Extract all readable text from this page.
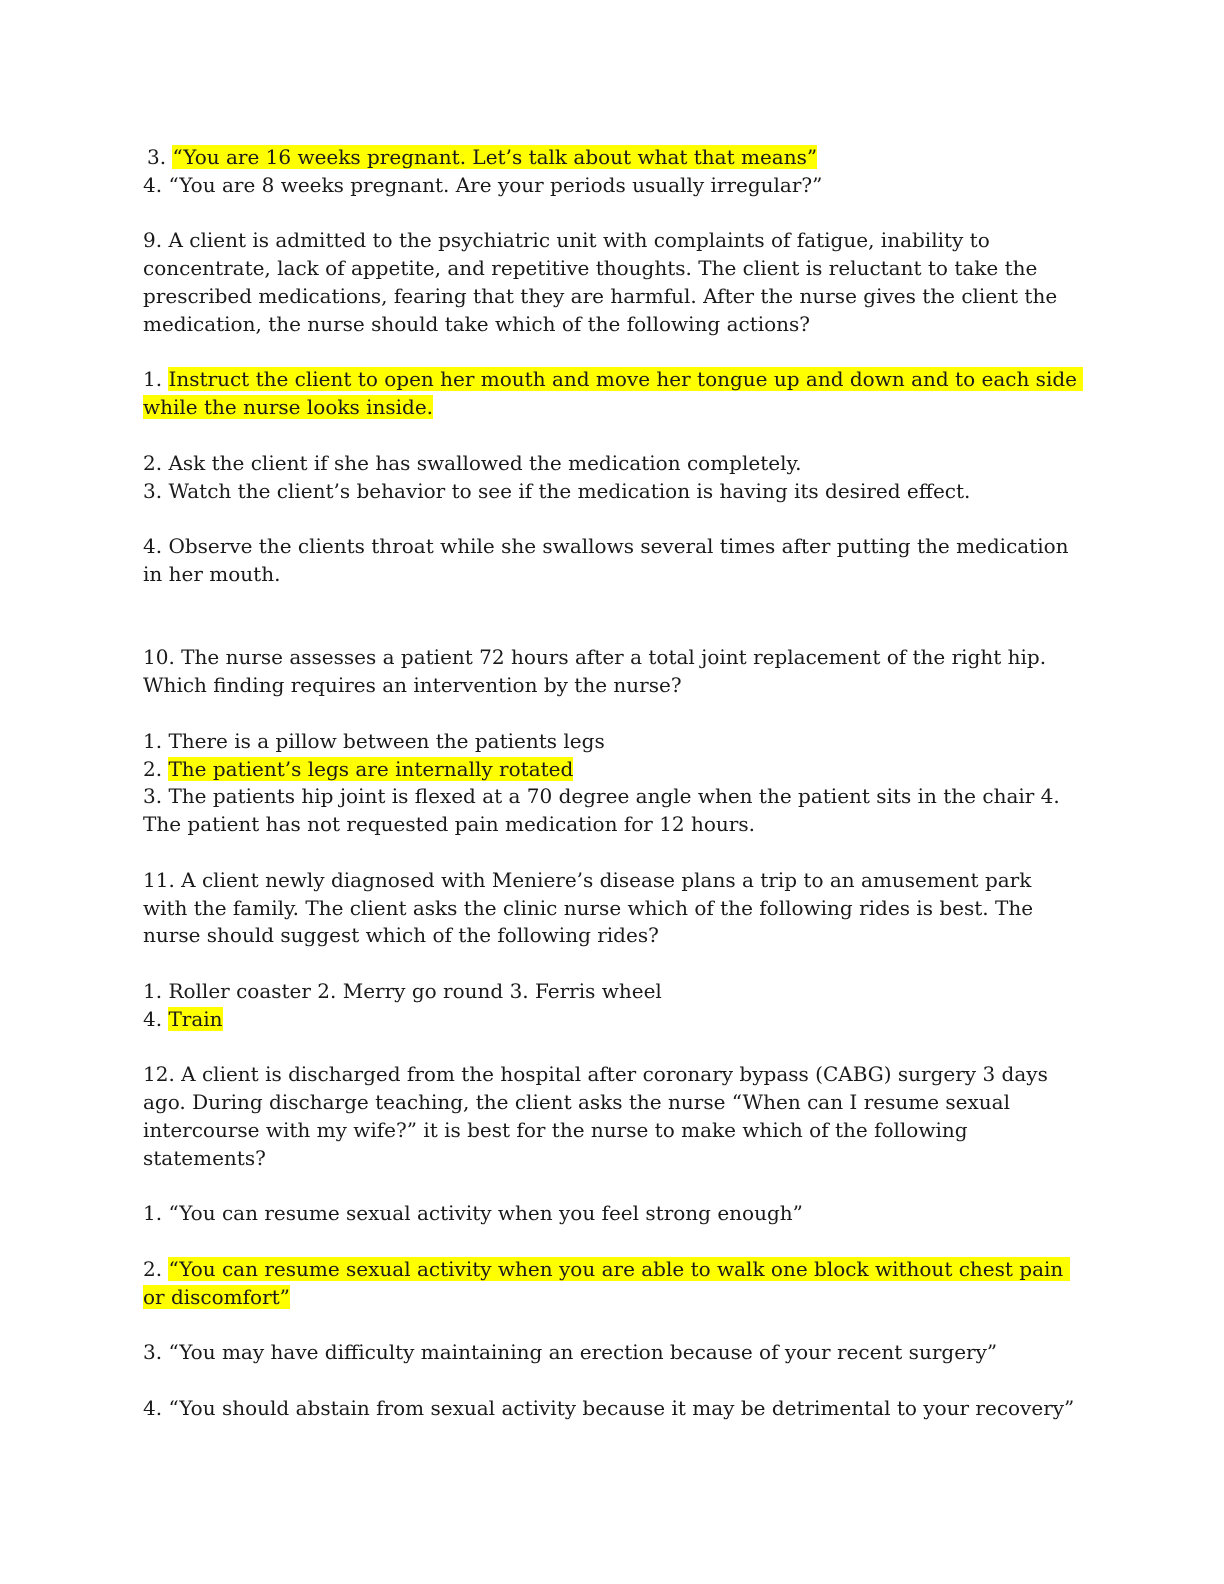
3. “You are 16 weeks pregnant. Let’s talk about what that means”
4. “You are 8 weeks pregnant. Are your periods usually irregular?”
9. A client is admitted to the psychiatric unit with complaints of fatigue, inability to
concentrate, lack of appetite, and repetitive thoughts. The client is reluctant to take the
prescribed medications, fearing that they are harmful. After the nurse gives the client the
medication, the nurse should take which of the following actions?
1. Instruct the client to open her mouth and move her tongue up and down and to each side
while the nurse looks inside.
2. Ask the client if she has swallowed the medication completely.
3. Watch the client’s behavior to see if the medication is having its desired effect.
4. Observe the clients throat while she swallows several times after putting the medication
in her mouth.
10. The nurse assesses a patient 72 hours after a total joint replacement of the right hip.
Which finding requires an intervention by the nurse?
1. There is a pillow between the patients legs
2. The patient’s legs are internally rotated
3. The patients hip joint is flexed at a 70 degree angle when the patient sits in the chair 4.
The patient has not requested pain medication for 12 hours.
11. A client newly diagnosed with Meniere’s disease plans a trip to an amusement park
with the family. The client asks the clinic nurse which of the following rides is best. The
nurse should suggest which of the following rides?
1. Roller coaster 2. Merry go round 3. Ferris wheel
4. Train
12. A client is discharged from the hospital after coronary bypass (CABG) surgery 3 days
ago. During discharge teaching, the client asks the nurse “When can I resume sexual
intercourse with my wife?” it is best for the nurse to make which of the following
statements?
1. “You can resume sexual activity when you feel strong enough”
2. “You can resume sexual activity when you are able to walk one block without chest pain
or discomfort”
3. “You may have difficulty maintaining an erection because of your recent surgery”
4. “You should abstain from sexual activity because it may be detrimental to your recovery”
